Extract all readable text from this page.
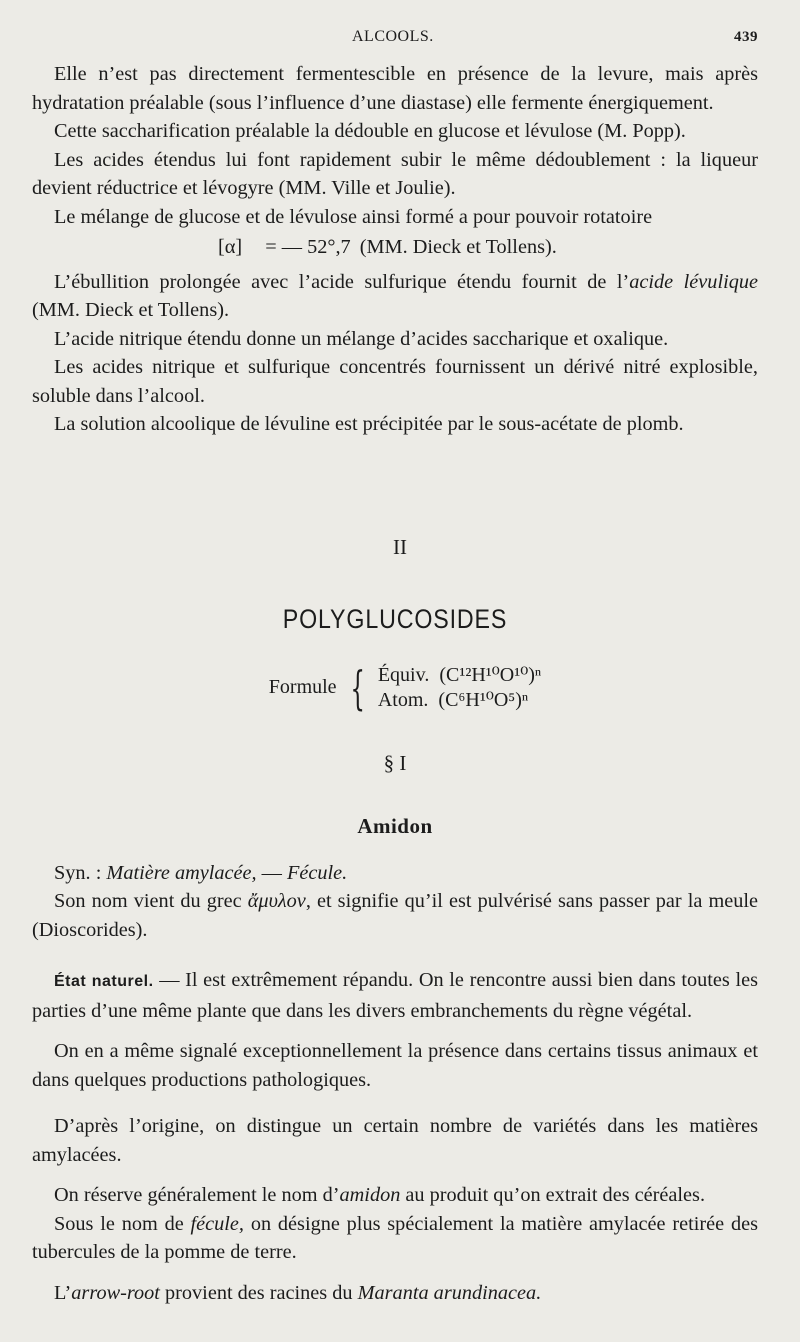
ALCOOLS.	439

Elle n’est pas directement fermentescible en présence de la levure, mais après hydratation préalable (sous l’influence d’une diastase) elle fermente énergiquement.

Cette saccharification préalable la dédouble en glucose et lévulose (M. Popp).

Les acides étendus lui font rapidement subir le même dédoublement : la liqueur devient réductrice et lévogyre (MM. Ville et Joulie).

Le mélange de glucose et de lévulose ainsi formé a pour pouvoir rotatoire

[α] = — 52°,7 (MM. Dieck et Tollens).

L’ébullition prolongée avec l’acide sulfurique étendu fournit de l’acide lévulique (MM. Dieck et Tollens).

L’acide nitrique étendu donne un mélange d’acides saccharique et oxalique.

Les acides nitrique et sulfurique concentrés fournissent un dérivé nitré explosible, soluble dans l’alcool.

La solution alcoolique de lévuline est précipitée par le sous-acétate de plomb.

II
POLYGLUCOSIDES
Formule { Équiv. (C¹²H¹⁰O¹⁰)ⁿ
Atom. (C⁶H¹⁰O⁵)ⁿ
§ I
Amidon

Syn. : Matière amylacée, — Fécule.

Son nom vient du grec ἄμυλον, et signifie qu’il est pulvérisé sans passer par la meule (Dioscorides).

État naturel. — Il est extrêmement répandu. On le rencontre aussi bien dans toutes les parties d’une même plante que dans les divers embranchements du règne végétal.

On en a même signalé exceptionnellement la présence dans certains tissus animaux et dans quelques productions pathologiques.

D’après l’origine, on distingue un certain nombre de variétés dans les matières amylacées.

On réserve généralement le nom d’amidon au produit qu’on extrait des céréales.

Sous le nom de fécule, on désigne plus spécialement la matière amylacée retirée des tubercules de la pomme de terre.

L’arrow-root provient des racines du Maranta arundinacea.
